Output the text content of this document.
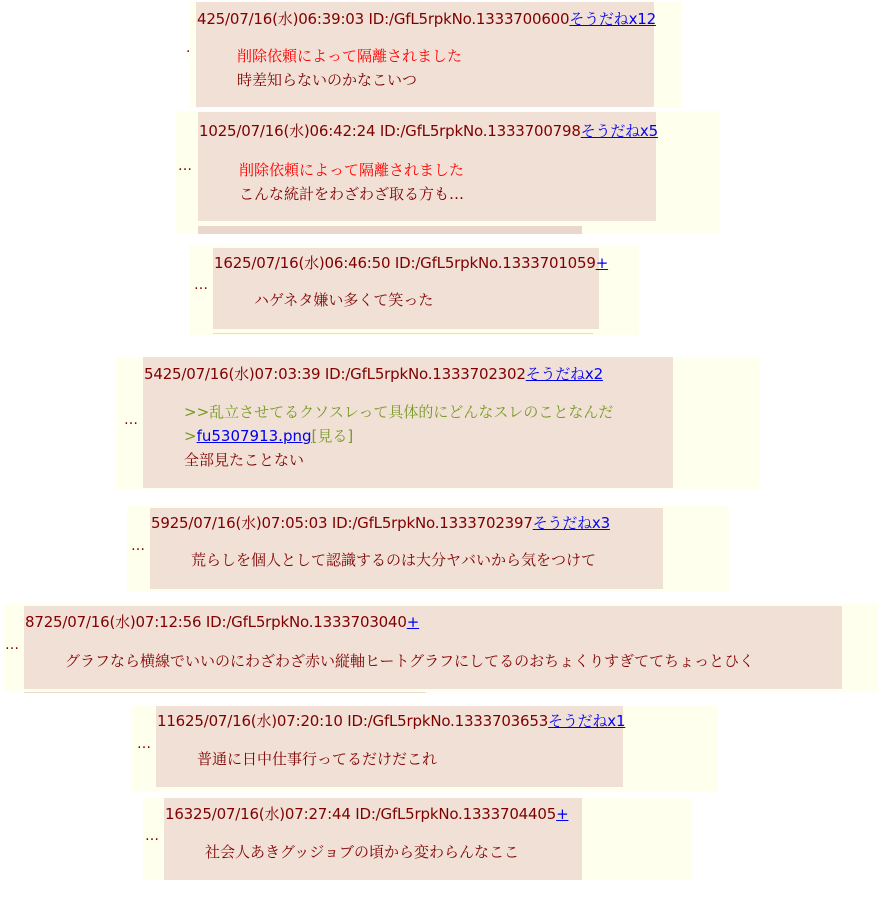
·
425/07/16(水)06:39:03 ID:/GfL5rpkNo.1333700600そうだねx12
削除依頼によって隔離されました
時差知らないのかなこいつ
…
1025/07/16(水)06:42:24 ID:/GfL5rpkNo.1333700798そうだねx5
削除依頼によって隔離されました
こんな統計をわざわざ取る方も…
…
1625/07/16(水)06:46:50 ID:/GfL5rpkNo.1333701059+
ハゲネタ嫌い多くて笑った
…
5425/07/16(水)07:03:39 ID:/GfL5rpkNo.1333702302そうだねx2
>>乱立させてるクソスレって具体的にどんなスレのことなんだ
>fu5307913.png[見る]
全部見たことない
…
5925/07/16(水)07:05:03 ID:/GfL5rpkNo.1333702397そうだねx3
荒らしを個人として認識するのは大分ヤバいから気をつけて
…
8725/07/16(水)07:12:56 ID:/GfL5rpkNo.1333703040+
グラフなら横線でいいのにわざわざ赤い縦軸ヒートグラフにしてるのおちょくりすぎててちょっとひく
…
11625/07/16(水)07:20:10 ID:/GfL5rpkNo.1333703653そうだねx1
普通に日中仕事行ってるだけだこれ
…
16325/07/16(水)07:27:44 ID:/GfL5rpkNo.1333704405+
社会人あきグッジョブの頃から変わらんなここ
